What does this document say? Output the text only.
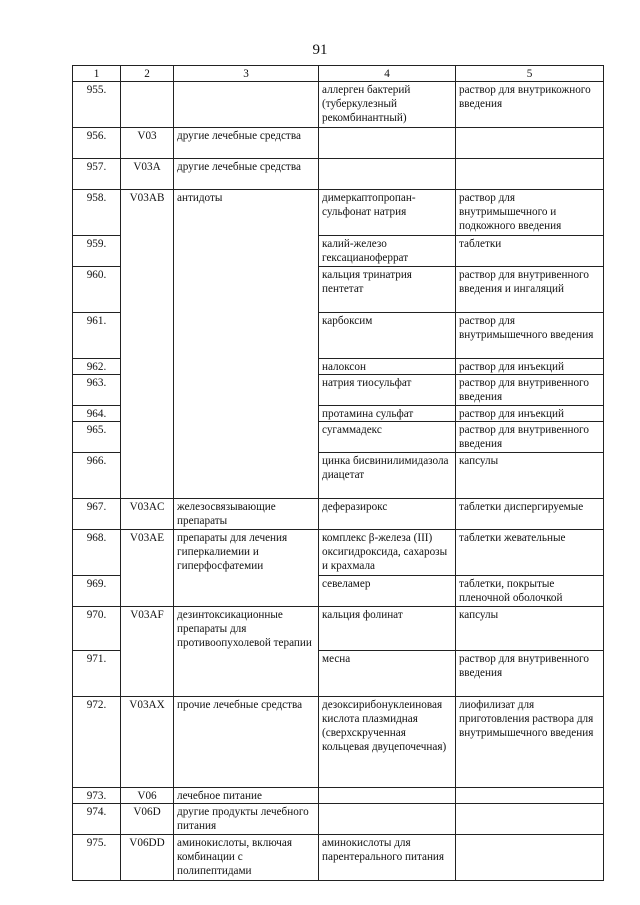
91
1	2	3	4	5
955.			аллерген бактерий (туберкулезный рекомбинантный)	раствор для внутрикожного введения
956.	V03	другие лечебные средства		
957.	V03A	другие лечебные средства		
958.	V03AB	антидоты	димеркаптопропан-сульфонат натрия	раствор для внутримышечного и подкожного введения
959.			калий-железо гексацианоферрат	таблетки
960.			кальция тринатрия пентетат	раствор для внутривенного введения и ингаляций
961.			карбоксим	раствор для внутримышечного введения
962.			налоксон	раствор для инъекций
963.			натрия тиосульфат	раствор для внутривенного введения
964.			протамина сульфат	раствор для инъекций
965.			сугаммадекс	раствор для внутривенного введения
966.			цинка бисвинилимидазола диацетат	капсулы
967.	V03AC	железосвязывающие препараты	деферазирокс	таблетки диспергируемые
968.	V03AE	препараты для лечения гиперкалиемии и гиперфосфатемии	комплекс β-железа (III) оксигидроксида, сахарозы и крахмала	таблетки жевательные
969.			севеламер	таблетки, покрытые пленочной оболочкой
970.	V03AF	дезинтоксикационные препараты для противоопухолевой терапии	кальция фолинат	капсулы
971.			месна	раствор для внутривенного введения
972.	V03AX	прочие лечебные средства	дезоксирибонуклеиновая кислота плазмидная (сверхскрученная кольцевая двуцепочечная)	лиофилизат для приготовления раствора для внутримышечного введения
973.	V06	лечебное питание		
974.	V06D	другие продукты лечебного питания		
975.	V06DD	аминокислоты, включая комбинации с полипептидами	аминокислоты для парентерального питания	
